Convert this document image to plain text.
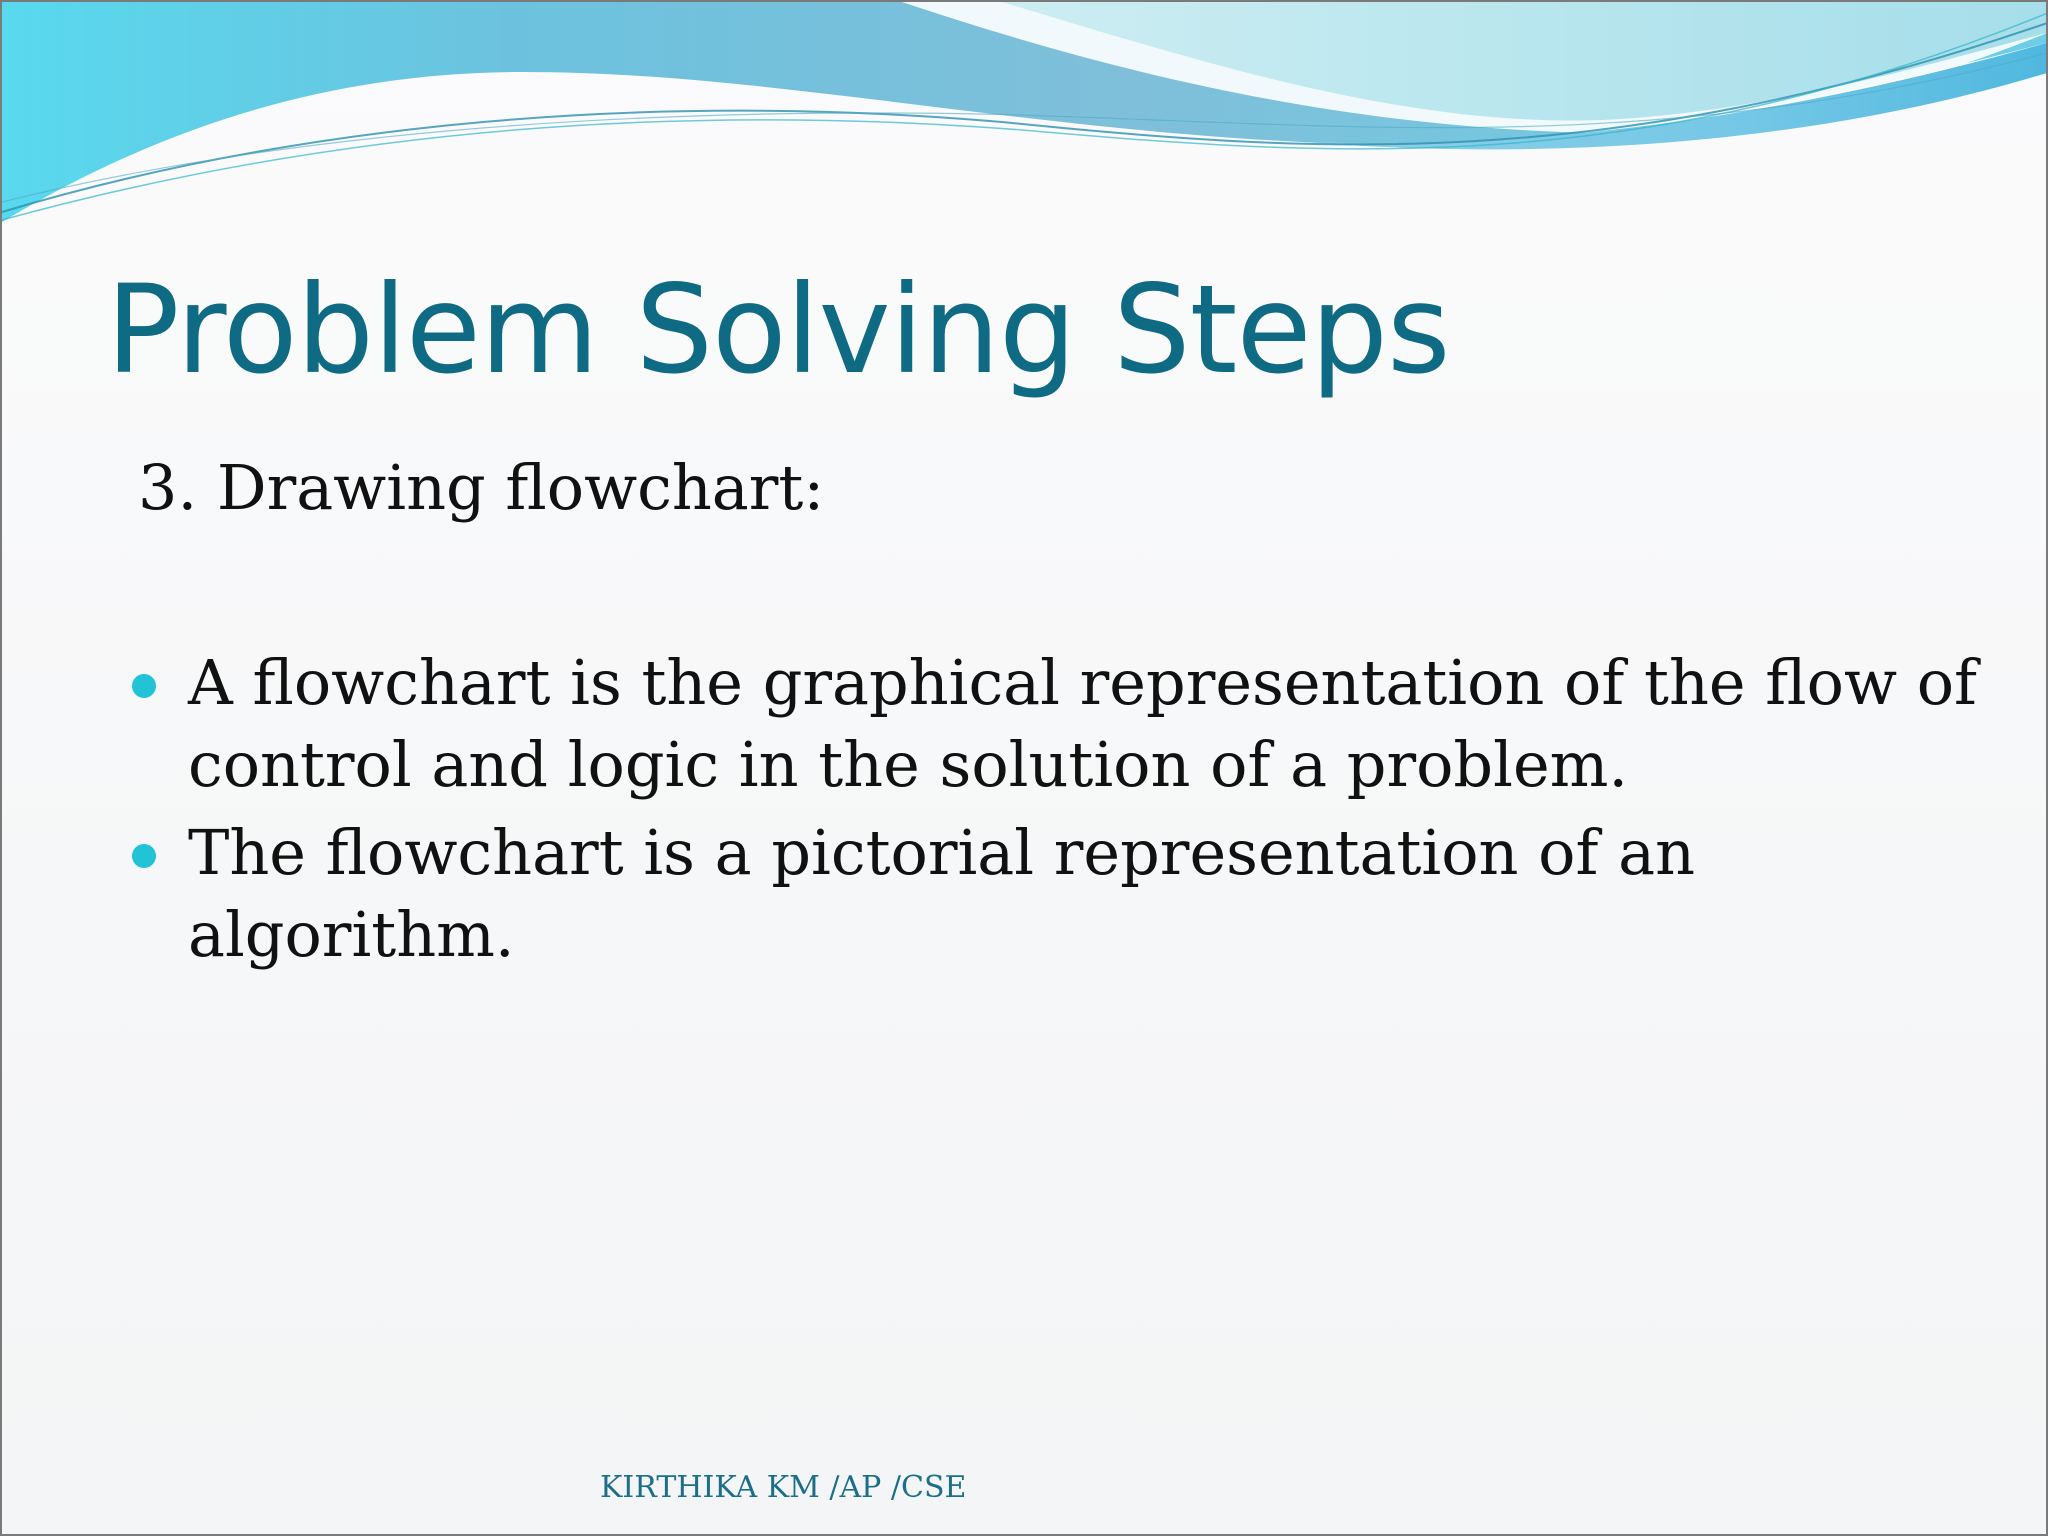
Problem Solving Steps
3. Drawing flowchart:
A flowchart is the graphical representation of the flow of control and logic in the solution of a problem.
The flowchart is a pictorial representation of an algorithm.
KIRTHIKA KM /AP /CSE
